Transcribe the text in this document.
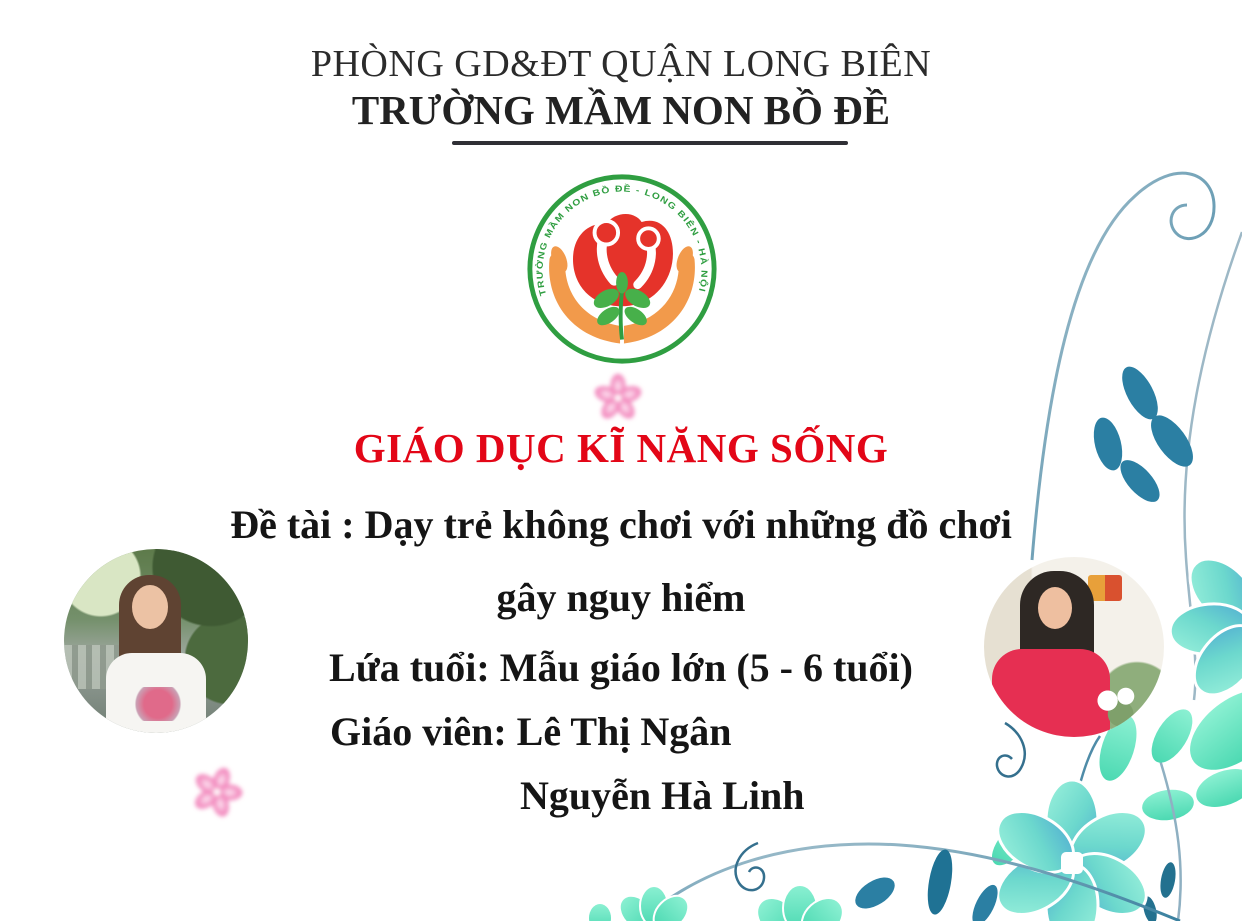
TRƯỜNG MẦM NON BỒ ĐỀ - LONG BIÊN - HÀ NỘI
PHÒNG GD&ĐT QUẬN LONG BIÊN
TRƯỜNG MẦM NON BỒ ĐỀ
GIÁO DỤC KĨ NĂNG SỐNG
Đề tài : Dạy trẻ không chơi với những đồ chơi
gây nguy hiểm
Lứa tuổi: Mẫu giáo lớn (5 - 6 tuổi)
Giáo viên: Lê Thị Ngân
Nguyễn Hà Linh
